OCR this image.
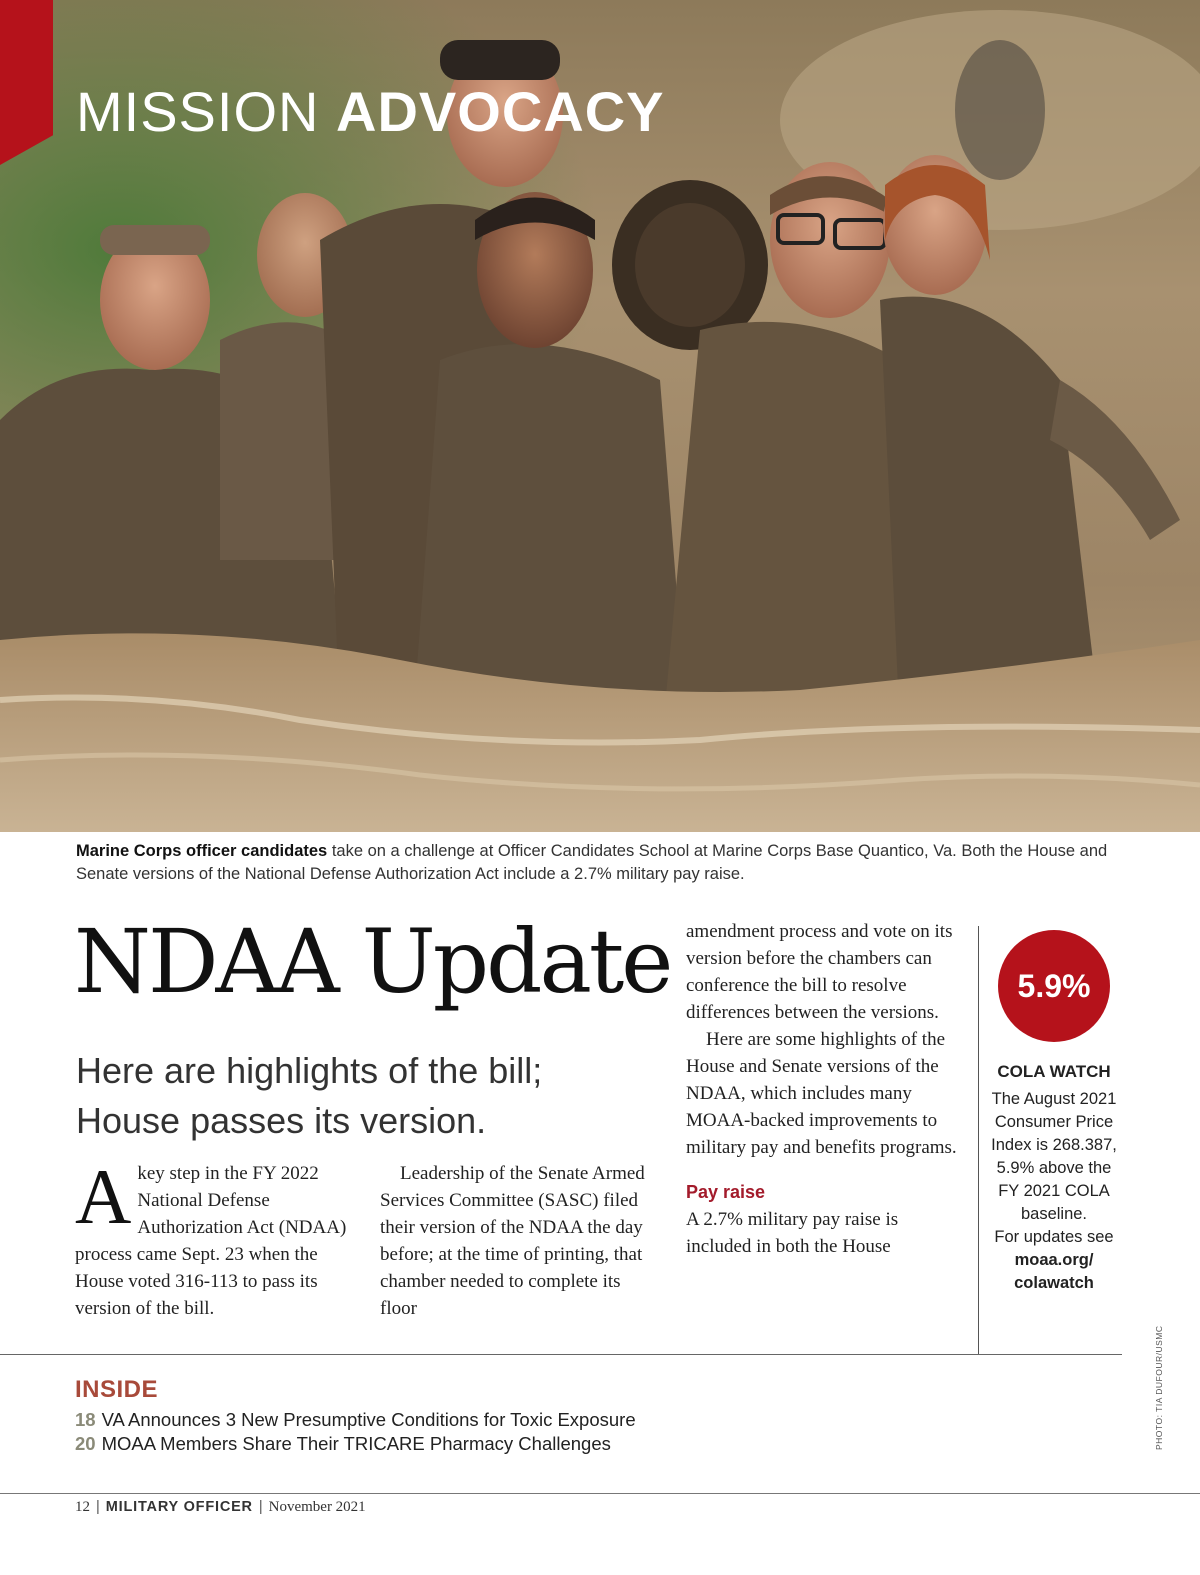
MISSION ADVOCACY
Marine Corps officer candidates take on a challenge at Officer Candidates School at Marine Corps Base Quantico, Va. Both the House and Senate versions of the National Defense Authorization Act include a 2.7% military pay raise.
NDAA Update
Here are highlights of the bill; House passes its version.

Akey step in the FY 2022 National Defense Authorization Act (NDAA) process came Sept. 23 when the House voted 316-113 to pass its version of the bill.

Leadership of the Senate Armed Services Committee (SASC) filed their version of the NDAA the day before; at the time of printing, that chamber needed to complete its floor

amendment process and vote on its version before the chambers can conference the bill to resolve differences between the versions.

Here are some highlights of the House and Senate versions of the NDAA, which includes many MOAA-backed improvements to military pay and benefits programs.

Pay raise

A 2.7% military pay raise is included in both the House

5.9%
COLA WATCH
The August 2021 Consumer Price Index is 268.387, 5.9% above the FY 2021 COLA baseline.
For updates see
moaa.org/ colawatch
PHOTO: TIA DUFOUR/USMC
INSIDE
18 VA Announces 3 New Presumptive Conditions for Toxic Exposure
20 MOAA Members Share Their TRICARE Pharmacy Challenges
12 | MILITARY OFFICER | November 2021
